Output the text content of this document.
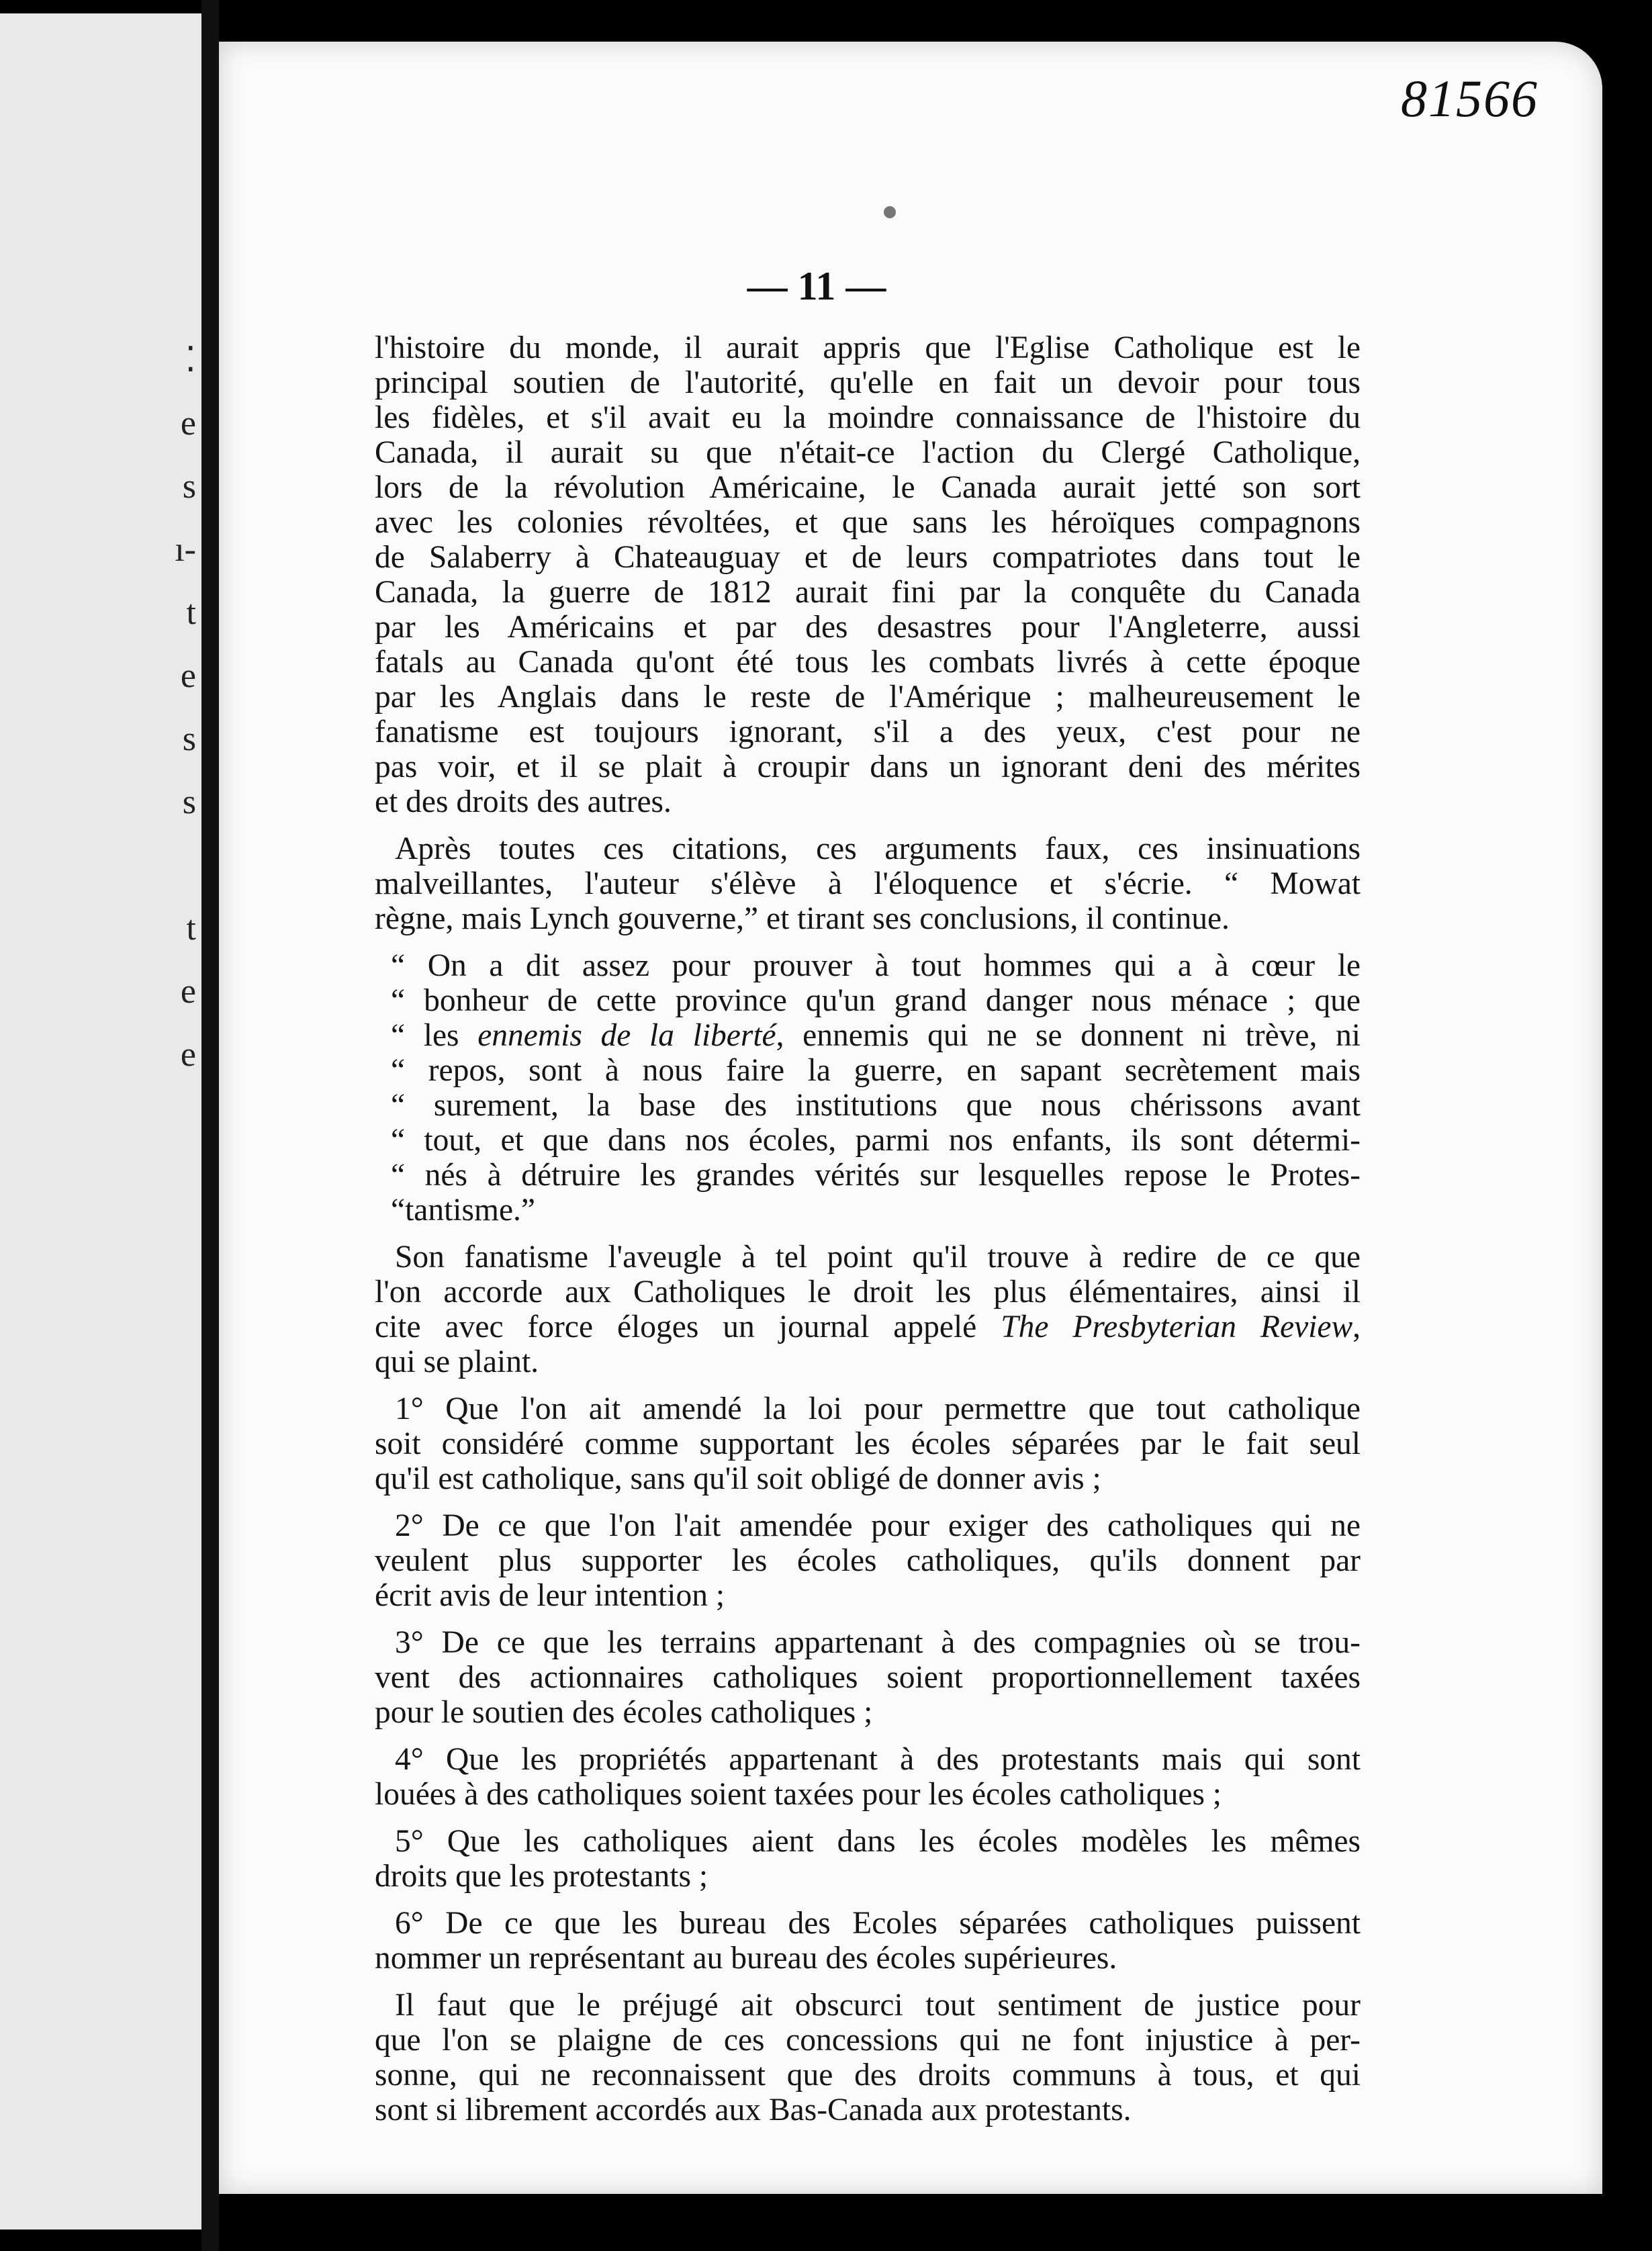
⁚
e
s
ı-
t
e
s
s

t
e
e
81566
— 11 —

l'histoire du monde, il aurait appris que l'Eglise Catholique est le
principal soutien de l'autorité, qu'elle en fait un devoir pour tous
les fidèles, et s'il avait eu la moindre connaissance de l'histoire du
Canada, il aurait su que n'était-ce l'action du Clergé Catholique,
lors de la révolution Américaine, le Canada aurait jetté son sort
avec les colonies révoltées, et que sans les héroïques compagnons
de Salaberry à Chateauguay et de leurs compatriotes dans tout le
Canada, la guerre de 1812 aurait fini par la conquête du Canada
par les Américains et par des desastres pour l'Angleterre, aussi
fatals au Canada qu'ont été tous les combats livrés à cette époque
par les Anglais dans le reste de l'Amérique ; malheureusement le
fanatisme est toujours ignorant, s'il a des yeux, c'est pour ne
pas voir, et il se plait à croupir dans un ignorant deni des mérites
et des droits des autres.

Après toutes ces citations, ces arguments faux, ces insinuations
malveillantes, l'auteur s'élève à l'éloquence et s'écrie. “ Mowat
règne, mais Lynch gouverne,” et tirant ses conclusions, il continue.

“ On a dit assez pour prouver à tout hommes qui a à cœur le
“ bonheur de cette province qu'un grand danger nous ménace ; que
“ les ennemis de la liberté, ennemis qui ne se donnent ni trève, ni
“ repos, sont à nous faire la guerre, en sapant secrètement mais
“ surement, la base des institutions que nous chérissons avant
“ tout, et que dans nos écoles, parmi nos enfants, ils sont détermi-
“ nés à détruire les grandes vérités sur lesquelles repose le Protes-
“tantisme.”

Son fanatisme l'aveugle à tel point qu'il trouve à redire de ce que
l'on accorde aux Catholiques le droit les plus élémentaires, ainsi il
cite avec force éloges un journal appelé The Presbyterian Review,
qui se plaint.

1° Que l'on ait amendé la loi pour permettre que tout catholique
soit considéré comme supportant les écoles séparées par le fait seul
qu'il est catholique, sans qu'il soit obligé de donner avis ;

2° De ce que l'on l'ait amendée pour exiger des catholiques qui ne
veulent plus supporter les écoles catholiques, qu'ils donnent par
écrit avis de leur intention ;

3° De ce que les terrains appartenant à des compagnies où se trou-
vent des actionnaires catholiques soient proportionnellement taxées
pour le soutien des écoles catholiques ;

4° Que les propriétés appartenant à des protestants mais qui sont
louées à des catholiques soient taxées pour les écoles catholiques ;

5° Que les catholiques aient dans les écoles modèles les mêmes
droits que les protestants ;

6° De ce que les bureau des Ecoles séparées catholiques puissent
nommer un représentant au bureau des écoles supérieures.

Il faut que le préjugé ait obscurci tout sentiment de justice pour
que l'on se plaigne de ces concessions qui ne font injustice à per-
sonne, qui ne reconnaissent que des droits communs à tous, et qui
sont si librement accordés aux Bas-Canada aux protestants.
